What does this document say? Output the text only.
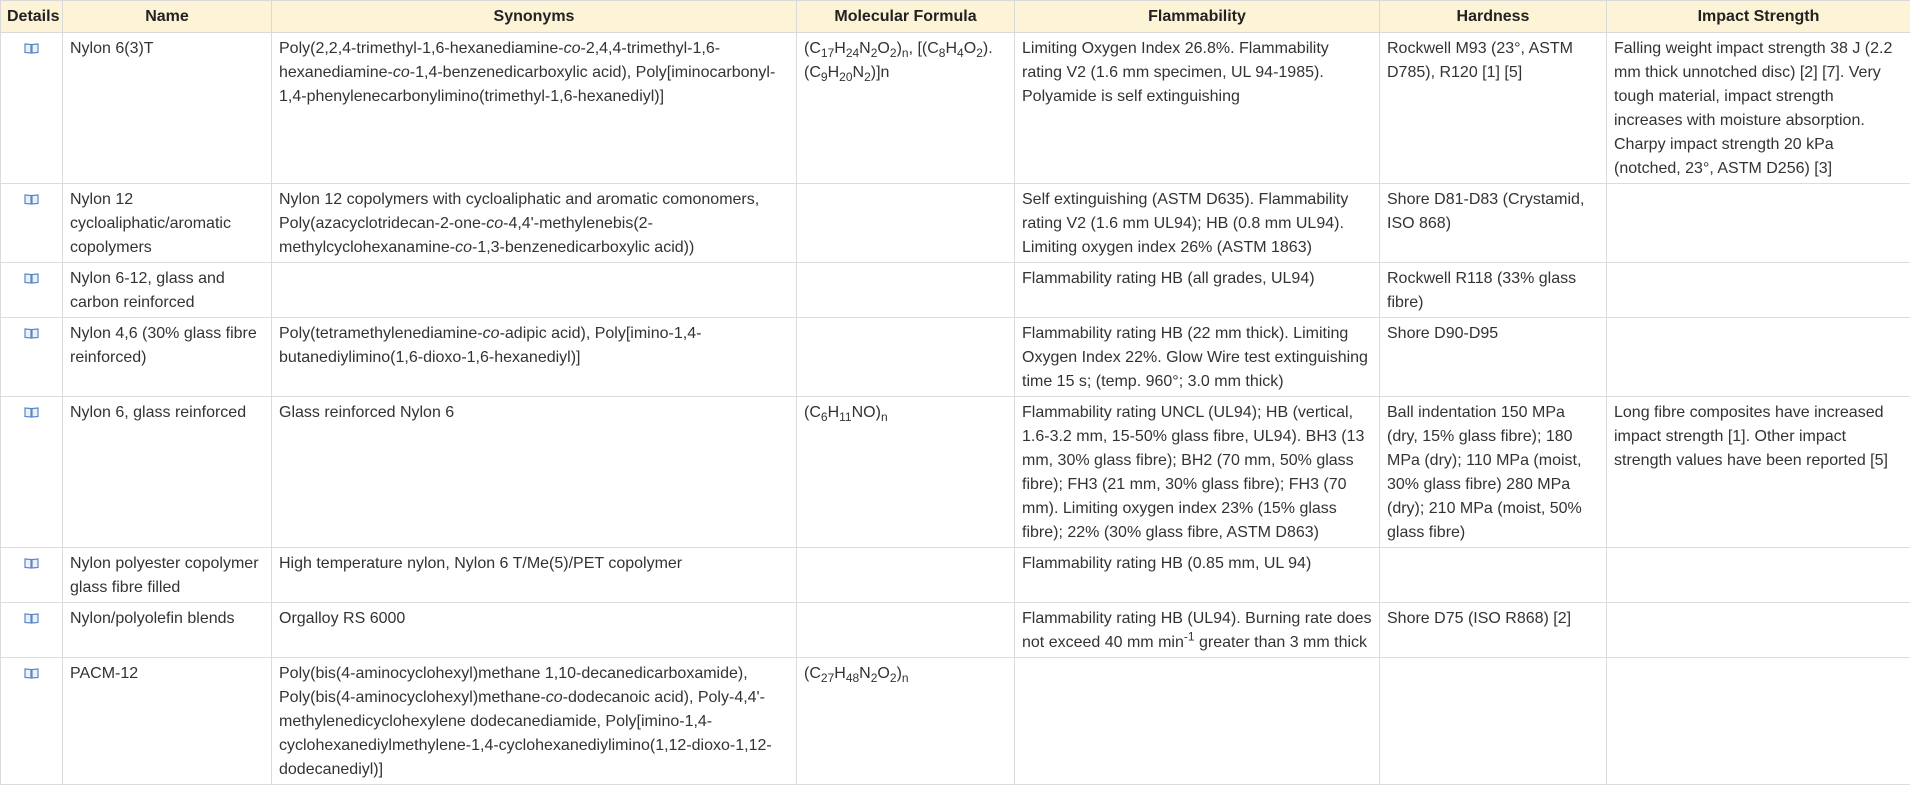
Details	Name	Synonyms	Molecular Formula	Flammability	Hardness	Impact Strength
	Nylon 6(3)T	Poly(2,2,4-trimethyl-1,6-hexanediamine-co-2,4,4-trimethyl-1,6-hexanediamine-co-1,4-benzenedicarboxylic acid), Poly[iminocarbonyl-1,4-phenylenecarbonylimino(trimethyl-1,6-hexanediyl)]	$(C_{17}H_{24}N_2O_2)_n$, $[(C_8H_4O_2).(C_9H_{20}N_2)]n$	Limiting Oxygen Index 26.8%. Flammability rating V2 (1.6 mm specimen, UL 94-1985). Polyamide is self extinguishing	Rockwell M93 (23°, ASTM D785), R120 [1] [5]	Falling weight impact strength 38 J (2.2 mm thick unnotched disc) [2] [7]. Very tough material, impact strength increases with moisture absorption. Charpy impact strength 20 kPa (notched, 23°, ASTM D256) [3]
	Nylon 12 cycloaliphatic/aromatic copolymers	Nylon 12 copolymers with cycloaliphatic and aromatic comonomers, Poly(azacyclotridecan-2-one-co-4,4'-methylenebis(2-methylcyclohexanamine-co-1,3-benzenedicarboxylic acid))		Self extinguishing (ASTM D635). Flammability rating V2 (1.6 mm UL94); HB (0.8 mm UL94). Limiting oxygen index 26% (ASTM 1863)	Shore D81-D83 (Crystamid, ISO 868)	
	Nylon 6-12, glass and carbon reinforced			Flammability rating HB (all grades, UL94)	Rockwell R118 (33% glass fibre)	
	Nylon 4,6 (30% glass fibre reinforced)	Poly(tetramethylenediamine-co-adipic acid), Poly[imino-1,4-butanediylimino(1,6-dioxo-1,6-hexanediyl)]		Flammability rating HB (22 mm thick). Limiting Oxygen Index 22%. Glow Wire test extinguishing time 15 s; (temp. 960°; 3.0 mm thick)	Shore D90-D95	
	Nylon 6, glass reinforced	Glass reinforced Nylon 6	$(C_6H_{11}NO)_n$	Flammability rating UNCL (UL94); HB (vertical, 1.6-3.2 mm, 15-50% glass fibre, UL94). BH3 (13 mm, 30% glass fibre); BH2 (70 mm, 50% glass fibre); FH3 (21 mm, 30% glass fibre); FH3 (70 mm). Limiting oxygen index 23% (15% glass fibre); 22% (30% glass fibre, ASTM D863)	Ball indentation 150 MPa (dry, 15% glass fibre); 180 MPa (dry); 110 MPa (moist, 30% glass fibre) 280 MPa (dry); 210 MPa (moist, 50% glass fibre)	Long fibre composites have increased impact strength [1]. Other impact strength values have been reported [5]
	Nylon polyester copolymer glass fibre filled	High temperature nylon, Nylon 6 T/Me(5)/PET copolymer		Flammability rating HB (0.85 mm, UL 94)		
	Nylon/polyolefin blends	Orgalloy RS 6000		Flammability rating HB (UL94). Burning rate does not exceed 40 mm $\min^{-1}$ greater than 3 mm thick	Shore D75 (ISO R868) [2]	
	PACM-12	Poly(bis(4-aminocyclohexyl)methane 1,10-decanedicarboxamide), Poly(bis(4-aminocyclohexyl)methane-co-dodecanoic acid), Poly-4,4'-methylenedicyclohexylene dodecanediamide, Poly[imino-1,4-cyclohexanediylmethylene-1,4-cyclohexanediylimino(1,12-dioxo-1,12-dodecanediyl)]	$(C_{27}H_{48}N_2O_2)_n$			
